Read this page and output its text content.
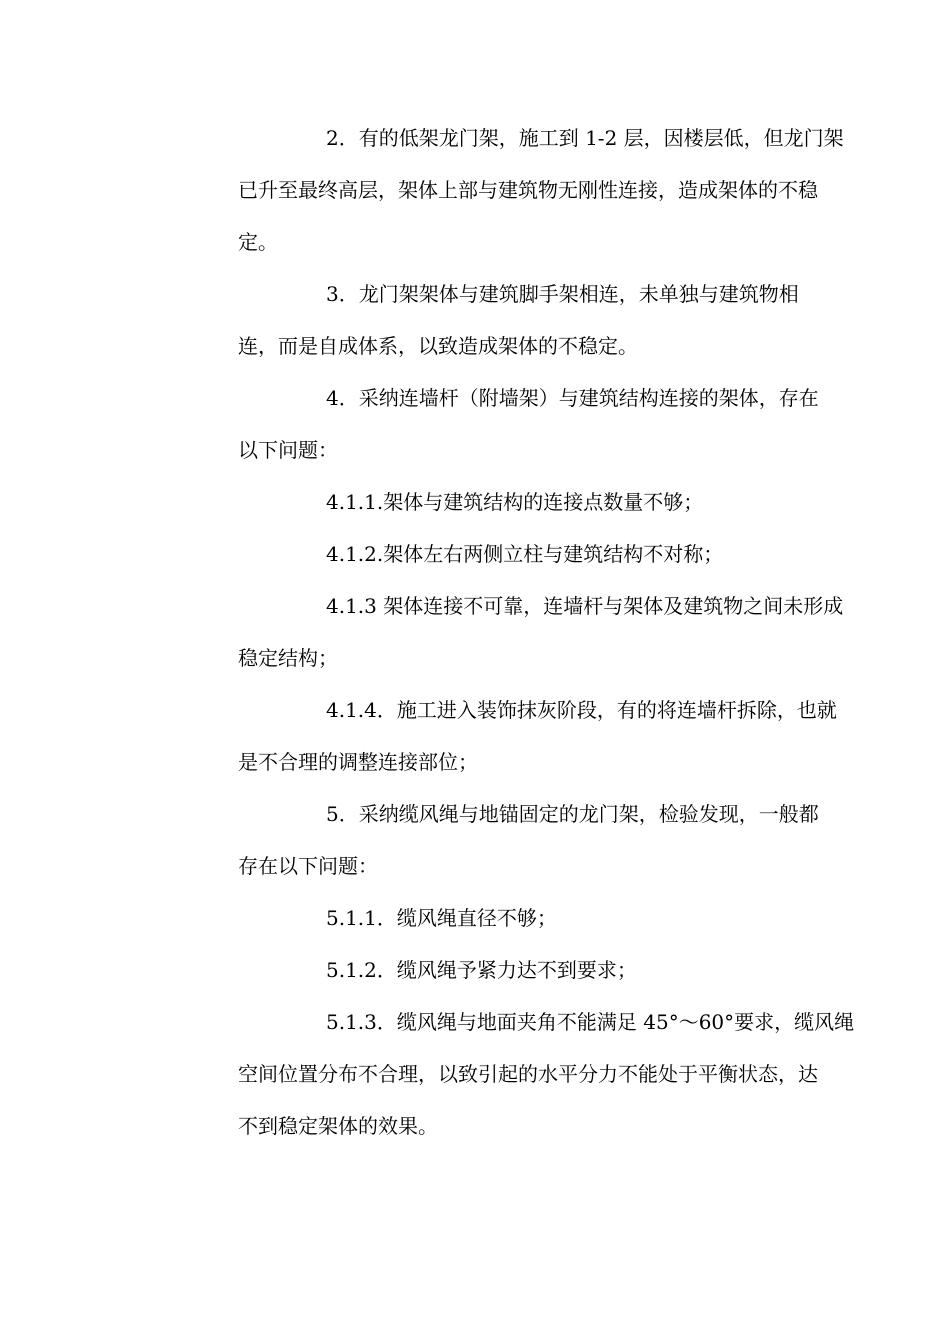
2．有的低架龙门架，施工到 1-2 层，因楼层低，但龙门架
已升至最终高层，架体上部与建筑物无刚性连接，造成架体的不稳
定。
3．龙门架架体与建筑脚手架相连，未单独与建筑物相
连，而是自成体系，以致造成架体的不稳定。
4．采纳连墙杆（附墙架）与建筑结构连接的架体，存在
以下问题：
4.1.1.架体与建筑结构的连接点数量不够；
4.1.2.架体左右两侧立柱与建筑结构不对称；
4.1.3 架体连接不可靠，连墙杆与架体及建筑物之间未形成
稳定结构；
4.1.4．施工进入装饰抹灰阶段，有的将连墙杆拆除，也就
是不合理的调整连接部位；
5．采纳缆风绳与地锚固定的龙门架，检验发现，一般都
存在以下问题：
5.1.1．缆风绳直径不够；
5.1.2．缆风绳予紧力达不到要求；
5.1.3．缆风绳与地面夹角不能满足 45°～60°要求，缆风绳
空间位置分布不合理，以致引起的水平分力不能处于平衡状态，达
不到稳定架体的效果。
